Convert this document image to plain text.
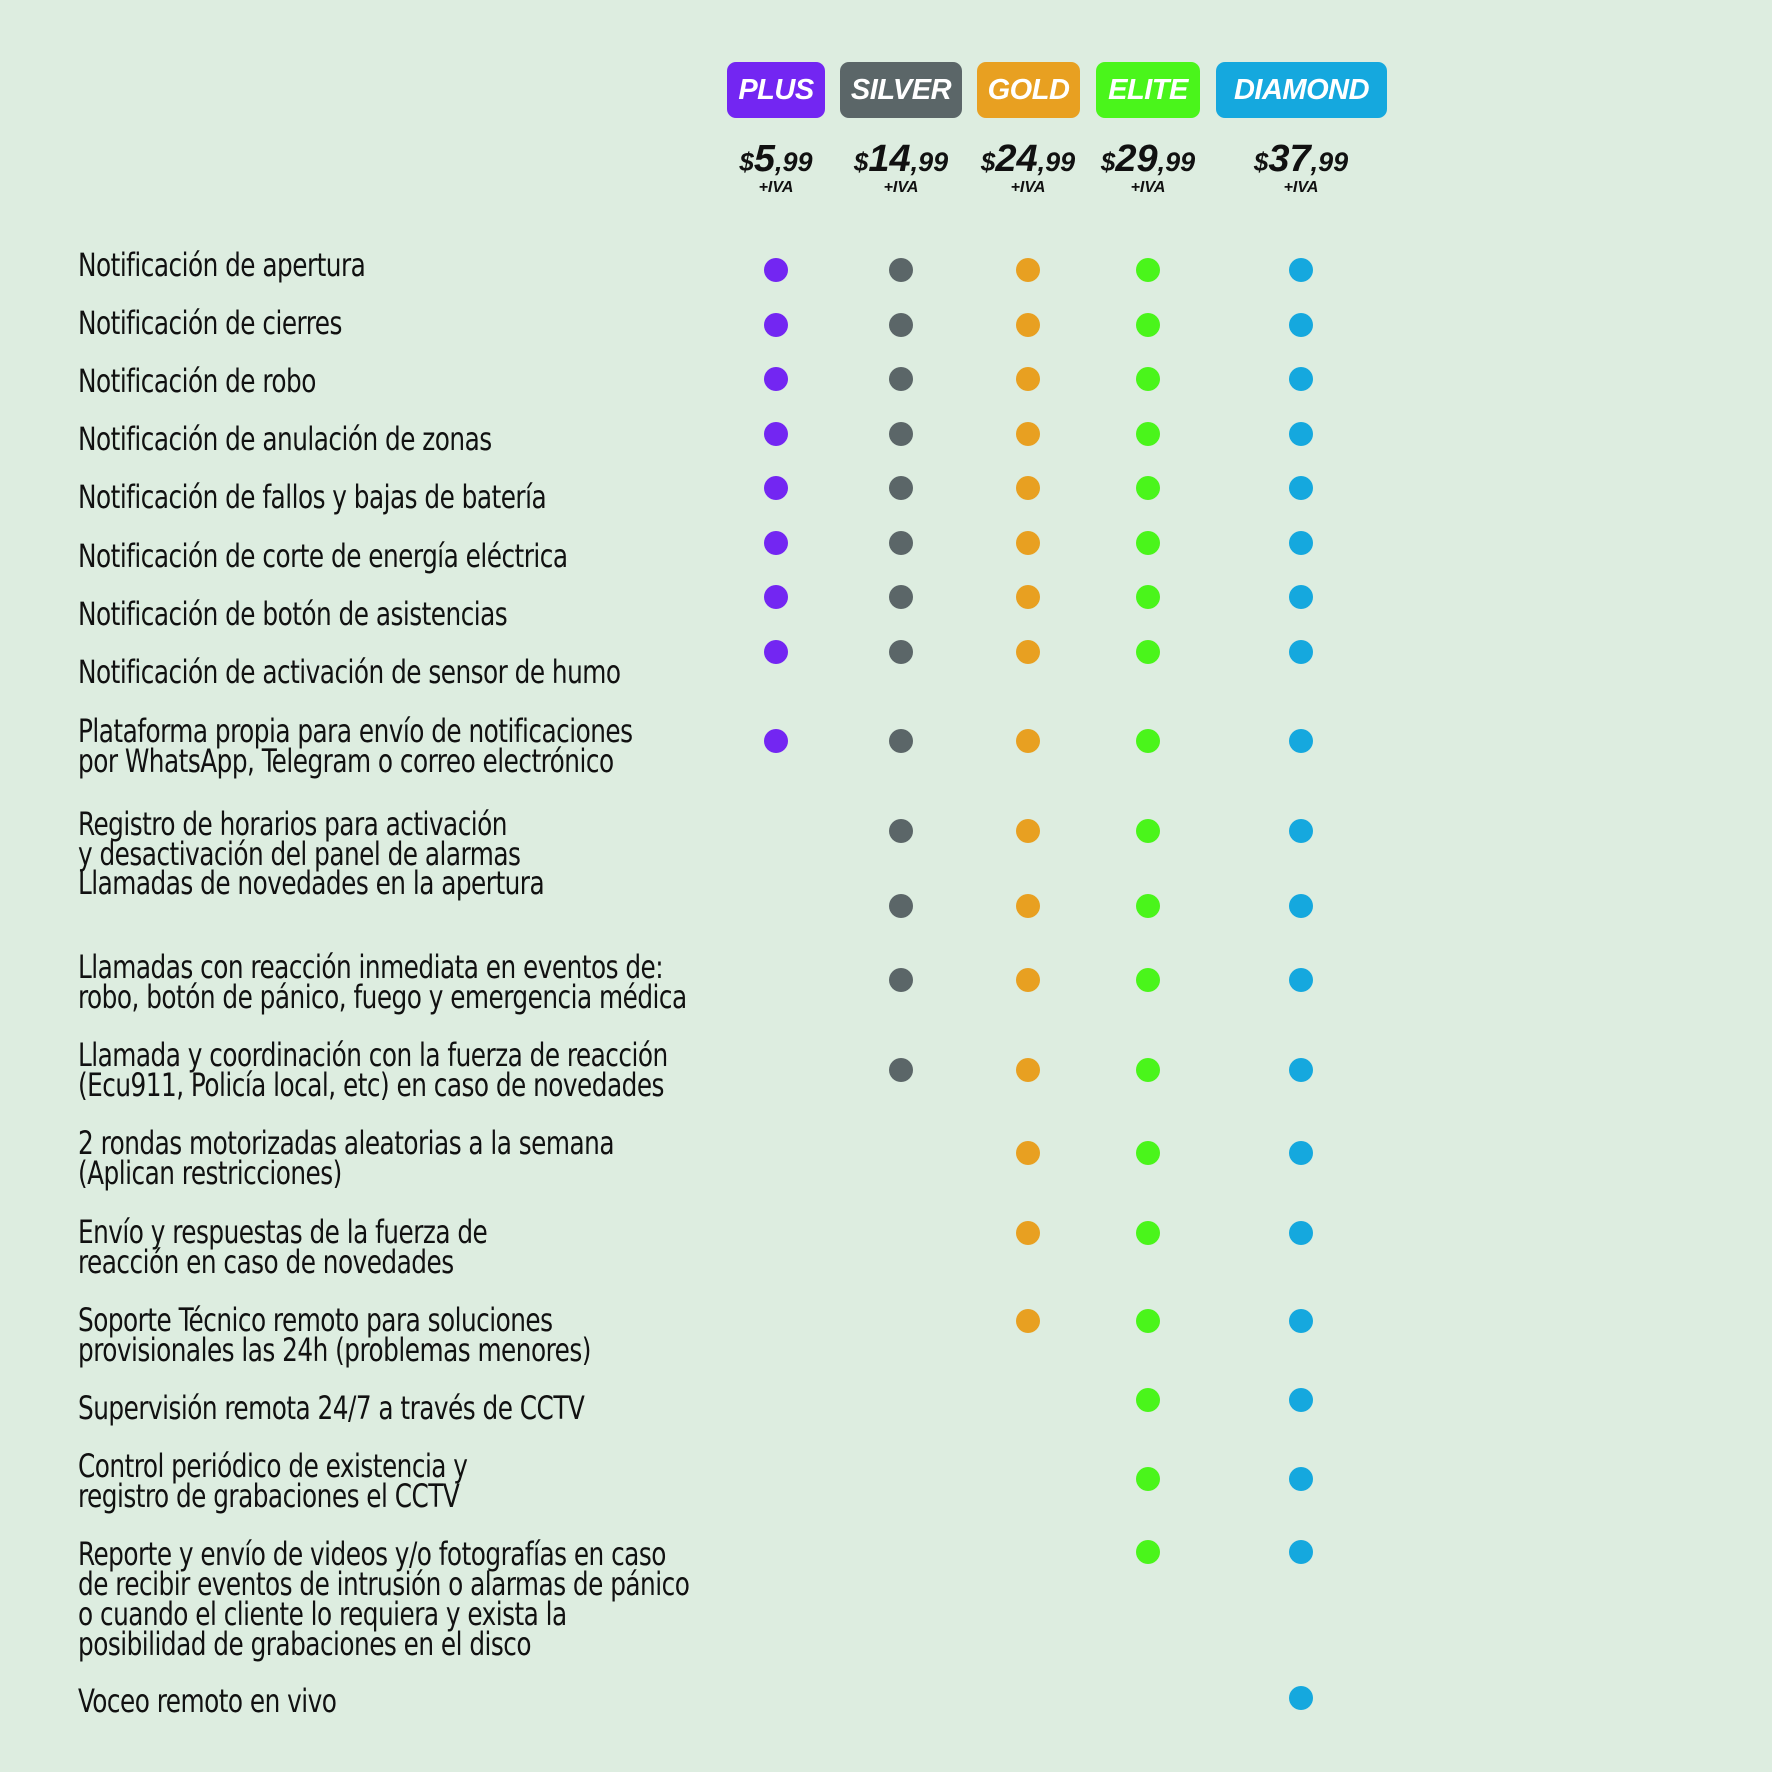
PLUS
$5,99
+IVA
SILVER
$14,99
+IVA
GOLD
$24,99
+IVA
ELITE
$29,99
+IVA
DIAMOND
$37,99
+IVA
Notificación de apertura
Notificación de cierres
Notificación de robo
Notificación de anulación de zonas
Notificación de fallos y bajas de batería
Notificación de corte de energía eléctrica
Notificación de botón de asistencias
Notificación de activación de sensor de humo
Plataforma propia para envío de notificaciones
por WhatsApp, Telegram o correo electrónico
Registro de horarios para activación
y desactivación del panel de alarmas
Llamadas de novedades en la apertura
Llamadas con reacción inmediata en eventos de:
robo, botón de pánico, fuego y emergencia médica
Llamada y coordinación con la fuerza de reacción
(Ecu911, Policía local, etc) en caso de novedades
2 rondas motorizadas aleatorias a la semana
(Aplican restricciones)
Envío y respuestas de la fuerza de
reacción en caso de novedades
Soporte Técnico remoto para soluciones
provisionales las 24h (problemas menores)
Supervisión remota 24/7 a través de CCTV
Control periódico de existencia y
registro de grabaciones el CCTV
Reporte y envío de videos y/o fotografías en caso
de recibir eventos de intrusión o alarmas de pánico
o cuando el cliente lo requiera y exista la
posibilidad de grabaciones en el disco
Voceo remoto en vivo
